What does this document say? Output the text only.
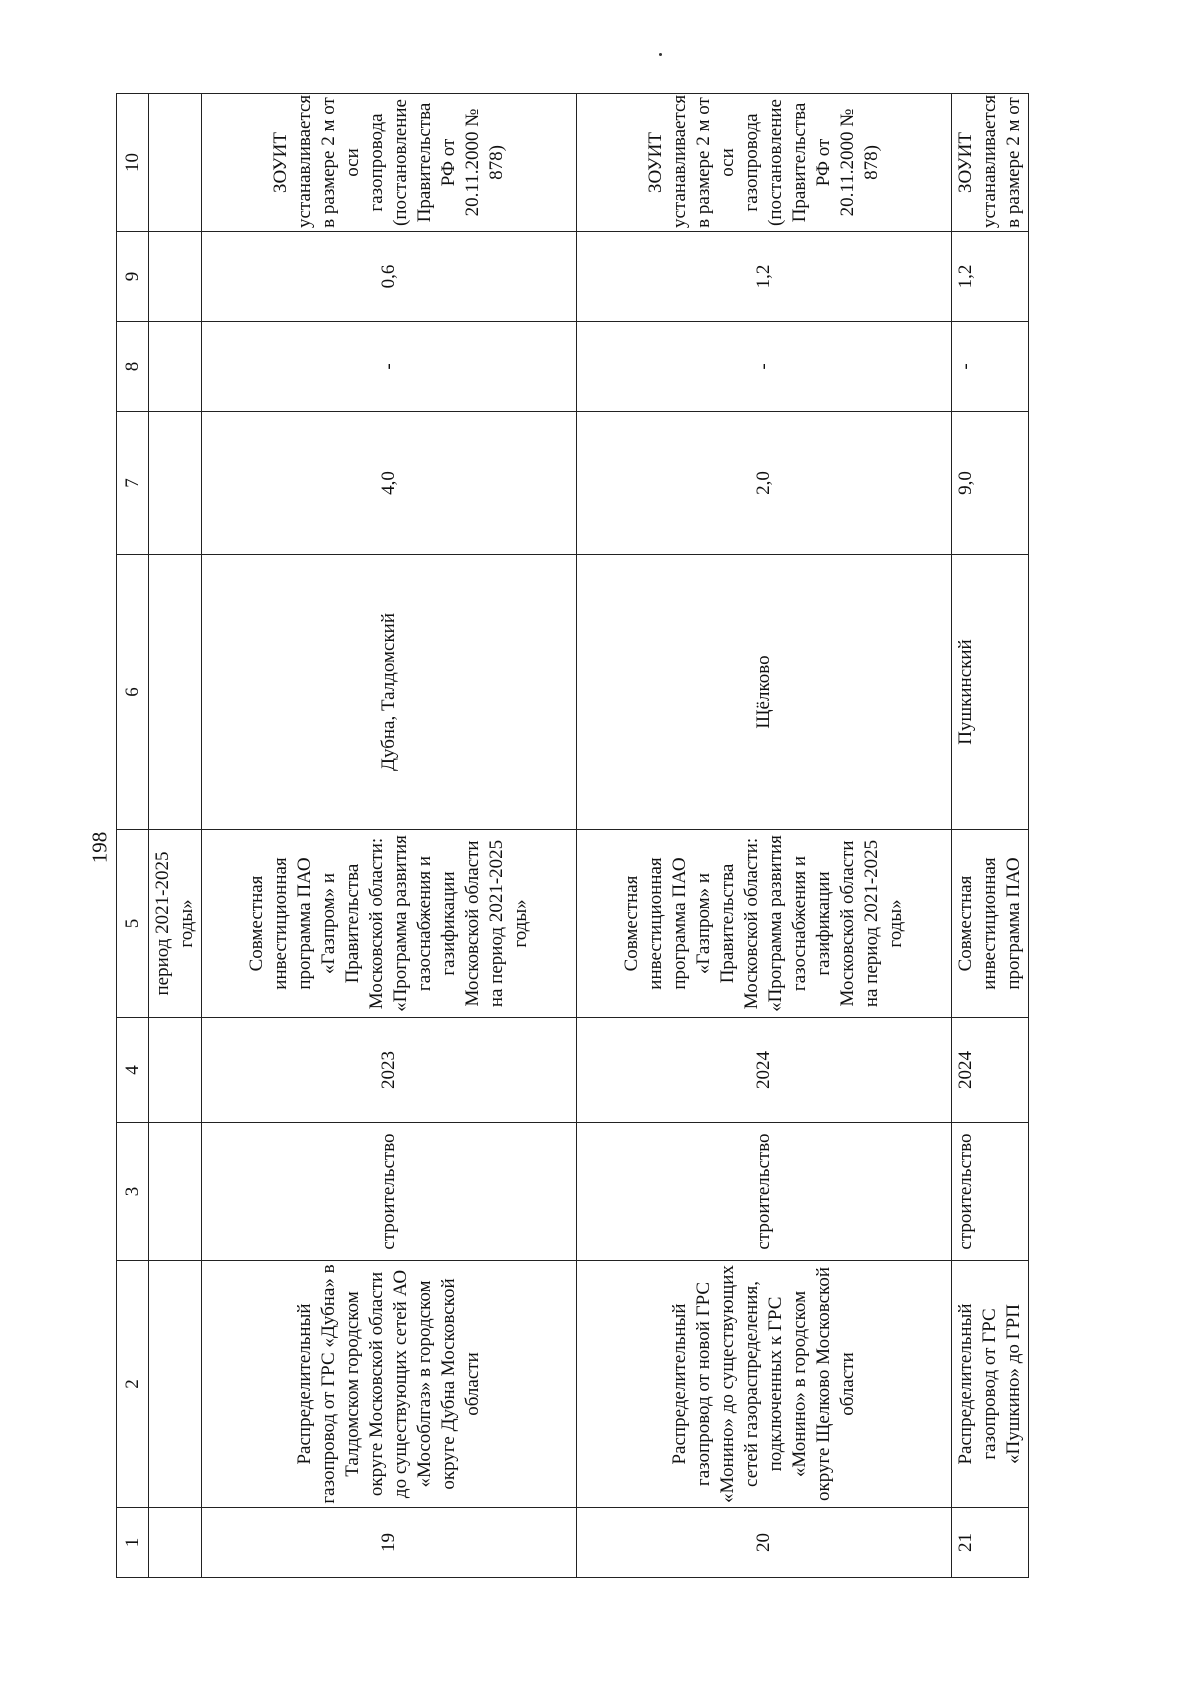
198
1	2	3	4	5	6	7	8	9	10
				период 2021-2025 годы»					
19	Распределительный газопровод от ГРС «Дубна» в Талдомском городском округе Московской области до существующих сетей АО «Мособлгаз» в городском округе Дубна Московской области	строительство	2023	Совместная инвестиционная программа ПАО «Газпром» и Правительства Московской области: «Программа развития газоснабжения и газификации Московской области на период 2021-2025 годы»	Дубна, Талдомский	4,0	-	0,6	ЗОУИТ устанавливается в размере 2 м от оси газопровода (постановление Правительства РФ от 20.11.2000 № 878)
20	Распределительный газопровод от новой ГРС «Монино» до существующих сетей газораспределения, подключенных к ГРС «Монино» в городском округе Щелково Московской области	строительство	2024	Совместная инвестиционная программа ПАО «Газпром» и Правительства Московской области: «Программа развития газоснабжения и газификации Московской области на период 2021-2025 годы»	Щёлково	2,0	-	1,2	ЗОУИТ устанавливается в размере 2 м от оси газопровода (постановление Правительства РФ от 20.11.2000 № 878)
21	Распределительный газопровод от ГРС «Пушкино» до ГРП	строительство	2024	Совместная инвестиционная программа ПАО	Пушкинский	9,0	-	1,2	ЗОУИТ устанавливается в размере 2 м от
